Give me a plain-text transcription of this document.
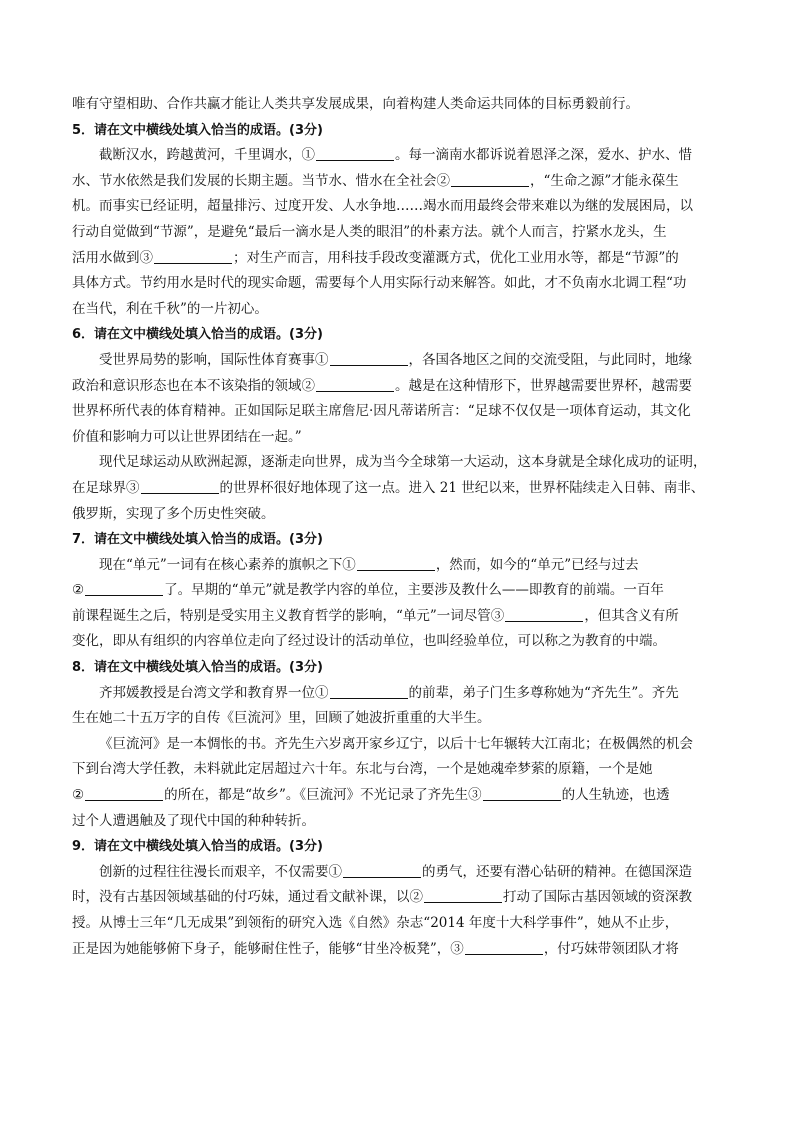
唯有守望相助、合作共赢才能让人类共享发展成果，向着构建人类命运共同体的目标勇毅前行。
5．请在文中横线处填入恰当的成语。(3分)
截断汉水，跨越黄河，千里调水，①	。每一滴南水都诉说着恩泽之深，爱水、护水、惜
水、节水依然是我们发展的长期主题。当节水、惜水在全社会②	，“生命之源”才能永葆生
机。而事实已经证明，超量排污、过度开发、人水争地……竭水而用最终会带来难以为继的发展困局，以
行动自觉做到“节源”，是避免“最后一滴水是人类的眼泪”的朴素方法。就个人而言，拧紧水龙头，生
活用水做到③	；对生产而言，用科技手段改变灌溉方式，优化工业用水等，都是“节源”的
具体方式。节约用水是时代的现实命题，需要每个人用实际行动来解答。如此，才不负南水北调工程“功
在当代，利在千秋”的一片初心。
6．请在文中横线处填入恰当的成语。(3分)
受世界局势的影响，国际性体育赛事①	，各国各地区之间的交流受阻，与此同时，地缘
政治和意识形态也在本不该染指的领域②	。越是在这种情形下，世界越需要世界杯，越需要
世界杯所代表的体育精神。正如国际足联主席詹尼·因凡蒂诺所言：“足球不仅仅是一项体育运动，其文化
价值和影响力可以让世界团结在一起。”
现代足球运动从欧洲起源，逐渐走向世界，成为当今全球第一大运动，这本身就是全球化成功的证明，
在足球界③	的世界杯很好地体现了这一点。进入 21 世纪以来，世界杯陆续走入日韩、南非、
俄罗斯，实现了多个历史性突破。
7．请在文中横线处填入恰当的成语。(3分)
现在“单元”一词有在核心素养的旗帜之下①	，然而，如今的“单元”已经与过去
②	了。早期的“单元”就是教学内容的单位，主要涉及教什么——即教育的前端。一百年
前课程诞生之后，特别是受实用主义教育哲学的影响，“单元”一词尽管③	，但其含义有所
变化，即从有组织的内容单位走向了经过设计的活动单位，也叫经验单位，可以称之为教育的中端。
8．请在文中横线处填入恰当的成语。(3分)
齐邦媛教授是台湾文学和教育界一位①	的前辈，弟子门生多尊称她为“齐先生”。齐先
生在她二十五万字的自传《巨流河》里，回顾了她波折重重的大半生。
《巨流河》是一本惆怅的书。齐先生六岁离开家乡辽宁，以后十七年辗转大江南北；在极偶然的机会
下到台湾大学任教，未料就此定居超过六十年。东北与台湾，一个是她魂牵梦萦的原籍，一个是她
②	的所在，都是“故乡”。《巨流河》不光记录了齐先生③	的人生轨迹，也透
过个人遭遇触及了现代中国的种种转折。
9．请在文中横线处填入恰当的成语。(3分)
创新的过程往往漫长而艰辛，不仅需要①	的勇气，还要有潜心钻研的精神。在德国深造
时，没有古基因领域基础的付巧妹，通过看文献补课，以②	打动了国际古基因领域的资深教
授。从博士三年“几无成果”到领衔的研究入选《自然》杂志“2014 年度十大科学事件”，她从不止步，
正是因为她能够俯下身子，能够耐住性子，能够“甘坐冷板凳”，③	，付巧妹带领团队才将
